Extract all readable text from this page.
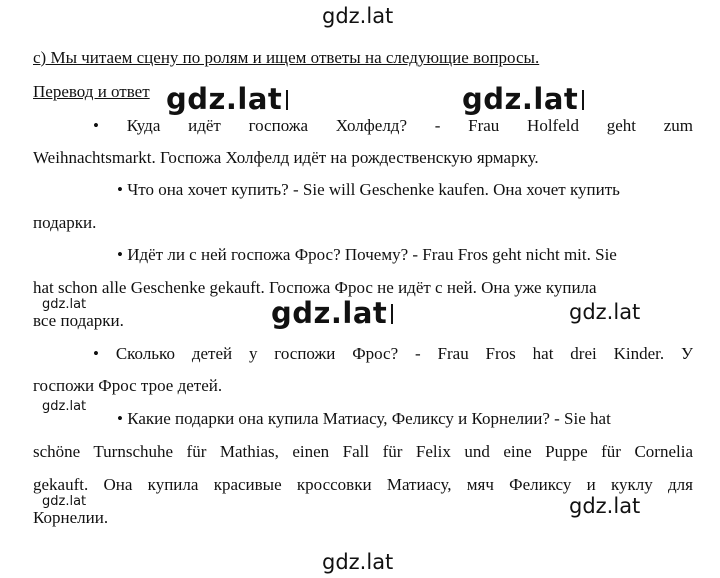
с) Мы читаем сцену по ролям и ищем ответы на следующие вопросы.
Перевод и ответ
• Куда идёт госпожа Холфелд? - Frau Holfeld geht zum
Weihnachtsmarkt. Госпожа Холфелд идёт на рождественскую ярмарку.
• Что она хочет купить? - Sie will Geschenke kaufen. Она хочет купить
подарки.
• Идёт ли с ней госпожа Фрос? Почему? - Frau Fros geht nicht mit. Sie
hat schon alle Geschenke gekauft. Госпожа Фрос не идёт с ней. Она уже купила
все подарки.
• Сколько детей у госпожи Фрос? - Frau Fros hat drei Kinder. У
госпожи Фрос трое детей.
• Какие подарки она купила Матиасу, Феликсу и Корнелии? - Sie hat
schöne Turnschuhe für Mathias, einen Fall für Felix und eine Puppe für Cornelia
gekauft. Она купила красивые кроссовки Матиасу, мяч Феликсу и куклу для
Корнелии.
gdz.lat
gdz.lat	gdz.lat
gdz.lat	gdz.lat	gdz.lat
gdz.lat
gdz.lat	gdz.lat
gdz.lat
